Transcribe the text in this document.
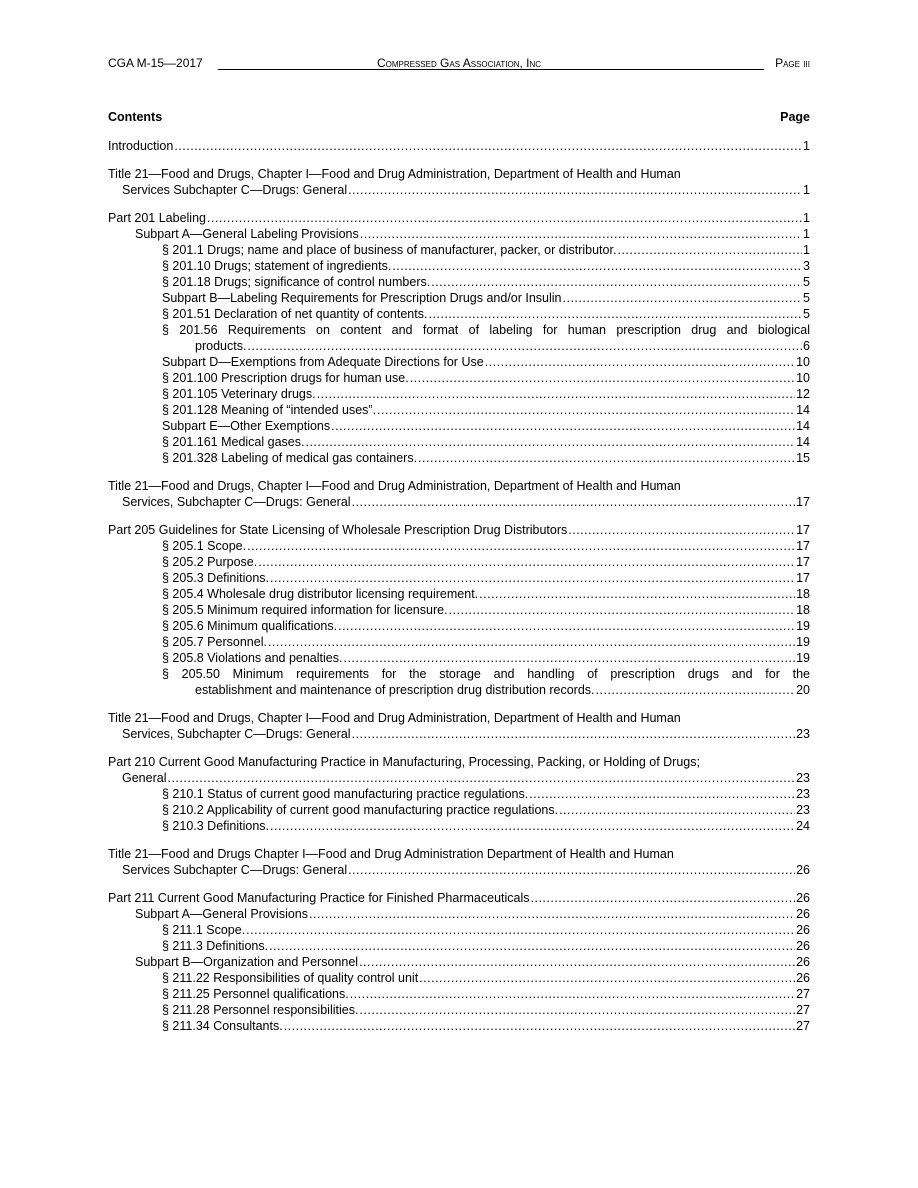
CGA M-15—2017	Compressed Gas Association, Inc	Page iii
Contents	Page
Introduction .....	1
Title 21—Food and Drugs, Chapter I—Food and Drug Administration, Department of Health and Human
Services Subchapter C—Drugs: General .....	1
Part 201 Labeling .....	1
Subpart A—General Labeling Provisions .....	1
§ 201.1 Drugs; name and place of business of manufacturer, packer, or distributor. .....	1
§ 201.10 Drugs; statement of ingredients. .....	3
§ 201.18 Drugs; significance of control numbers. .....	5
Subpart B—Labeling Requirements for Prescription Drugs and/or Insulin .....	5
§ 201.51 Declaration of net quantity of contents. .....	5
§ 201.56 Requirements on content and format of labeling for human prescription drug and biological
products. .....	6
Subpart D—Exemptions from Adequate Directions for Use .....	10
§ 201.100 Prescription drugs for human use. .....	10
§ 201.105 Veterinary drugs. .....	12
§ 201.128 Meaning of “intended uses”. .....	14
Subpart E—Other Exemptions .....	14
§ 201.161 Medical gases. .....	14
§ 201.328 Labeling of medical gas containers. .....	15
Title 21—Food and Drugs, Chapter I—Food and Drug Administration, Department of Health and Human
Services, Subchapter C—Drugs: General .....	17
Part 205 Guidelines for State Licensing of Wholesale Prescription Drug Distributors .....	17
§ 205.1 Scope. .....	17
§ 205.2 Purpose. .....	17
§ 205.3 Definitions. .....	17
§ 205.4 Wholesale drug distributor licensing requirement. .....	18
§ 205.5 Minimum required information for licensure. .....	18
§ 205.6 Minimum qualifications. .....	19
§ 205.7 Personnel. .....	19
§ 205.8 Violations and penalties. .....	19
§ 205.50 Minimum requirements for the storage and handling of prescription drugs and for the
establishment and maintenance of prescription drug distribution records. .....	20
Title 21—Food and Drugs, Chapter I—Food and Drug Administration, Department of Health and Human
Services, Subchapter C—Drugs: General .....	23
Part 210 Current Good Manufacturing Practice in Manufacturing, Processing, Packing, or Holding of Drugs;
General .....	23
§ 210.1 Status of current good manufacturing practice regulations. .....	23
§ 210.2 Applicability of current good manufacturing practice regulations. .....	23
§ 210.3 Definitions. .....	24
Title 21—Food and Drugs Chapter I—Food and Drug Administration Department of Health and Human
Services Subchapter C—Drugs: General .....	26
Part 211 Current Good Manufacturing Practice for Finished Pharmaceuticals .....	26
Subpart A—General Provisions .....	26
§ 211.1 Scope. .....	26
§ 211.3 Definitions. .....	26
Subpart B—Organization and Personnel .....	26
§ 211.22 Responsibilities of quality control unit .....	26
§ 211.25 Personnel qualifications. .....	27
§ 211.28 Personnel responsibilities. .....	27
§ 211.34 Consultants. .....	27
